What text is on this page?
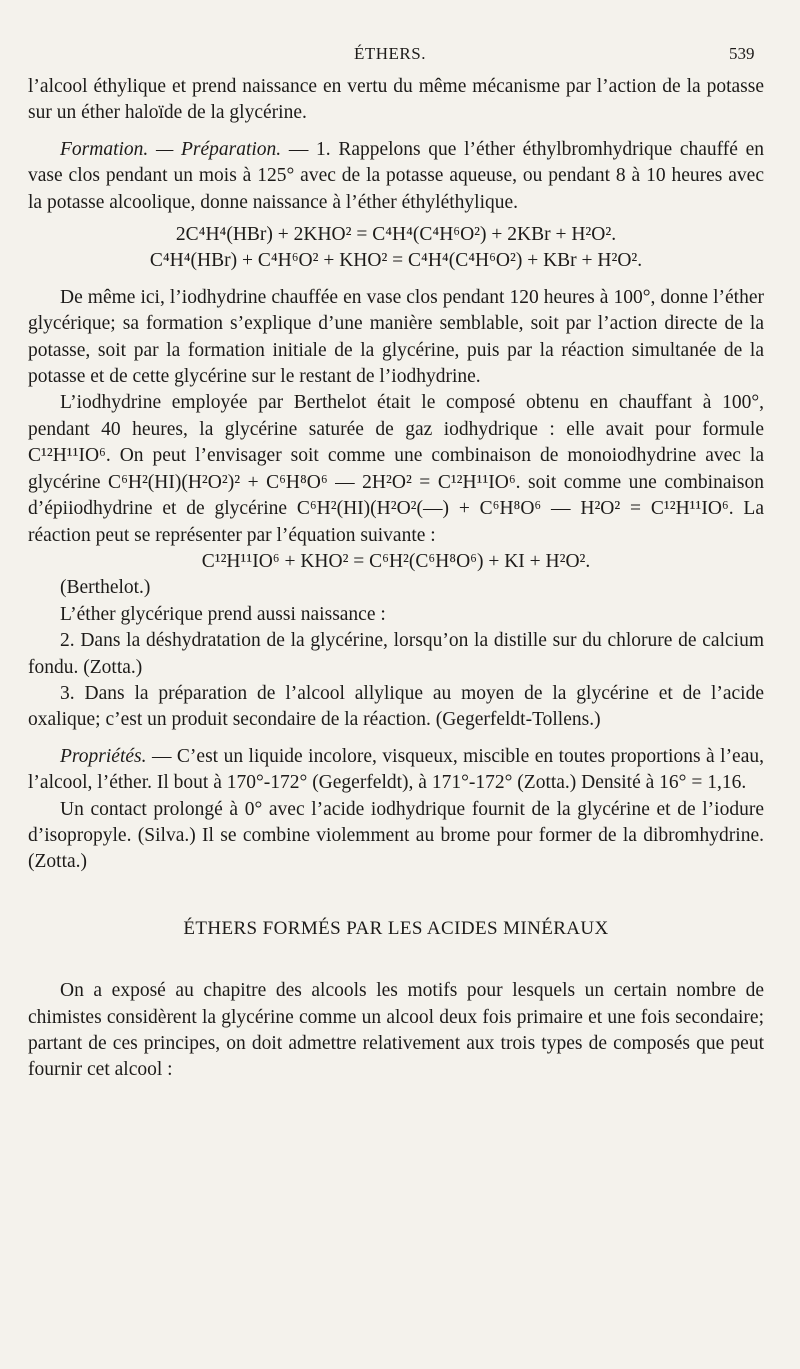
ÉTHERS.	539

l’alcool éthylique et prend naissance en vertu du même mécanisme par l’action de la potasse sur un éther haloïde de la glycérine.

Formation. — Préparation. — 1. Rappelons que l’éther éthylbromhydrique chauffé en vase clos pendant un mois à 125° avec de la potasse aqueuse, ou pendant 8 à 10 heures avec la potasse alcoolique, donne naissance à l’éther éthyléthylique.

2C⁴H⁴(HBr) + 2KHO² = C⁴H⁴(C⁴H⁶O²) + 2KBr + H²O².

C⁴H⁴(HBr) + C⁴H⁶O² + KHO² = C⁴H⁴(C⁴H⁶O²) + KBr + H²O².

De même ici, l’iodhydrine chauffée en vase clos pendant 120 heures à 100°, donne l’éther glycérique; sa formation s’explique d’une manière semblable, soit par l’action directe de la potasse, soit par la formation initiale de la glycérine, puis par la réaction simultanée de la potasse et de cette glycérine sur le restant de l’iodhydrine.

L’iodhydrine employée par Berthelot était le composé obtenu en chauffant à 100°, pendant 40 heures, la glycérine saturée de gaz iodhydrique : elle avait pour formule C¹²H¹¹IO⁶. On peut l’envisager soit comme une combinaison de monoiodhydrine avec la glycérine C⁶H²(HI)(H²O²)² + C⁶H⁸O⁶ — 2H²O² = C¹²H¹¹IO⁶. soit comme une combinaison d’épiiodhydrine et de glycérine C⁶H²(HI)(H²O²(—) + C⁶H⁸O⁶ — H²O² = C¹²H¹¹IO⁶. La réaction peut se représenter par l’équation suivante :

C¹²H¹¹IO⁶ + KHO² = C⁶H²(C⁶H⁸O⁶) + KI + H²O².

(Berthelot.)

L’éther glycérique prend aussi naissance :

2. Dans la déshydratation de la glycérine, lorsqu’on la distille sur du chlorure de calcium fondu. (Zotta.)

3. Dans la préparation de l’alcool allylique au moyen de la glycérine et de l’acide oxalique; c’est un produit secondaire de la réaction. (Gegerfeldt-Tollens.)

Propriétés. — C’est un liquide incolore, visqueux, miscible en toutes proportions à l’eau, l’alcool, l’éther. Il bout à 170°-172° (Gegerfeldt), à 171°-172° (Zotta.) Densité à 16° = 1,16.

Un contact prolongé à 0° avec l’acide iodhydrique fournit de la glycérine et de l’iodure d’isopropyle. (Silva.) Il se combine violemment au brome pour former de la dibromhydrine. (Zotta.)

ÉTHERS FORMÉS PAR LES ACIDES MINÉRAUX

On a exposé au chapitre des alcools les motifs pour lesquels un certain nombre de chimistes considèrent la glycérine comme un alcool deux fois primaire et une fois secondaire; partant de ces principes, on doit admettre relativement aux trois types de composés que peut fournir cet alcool :
